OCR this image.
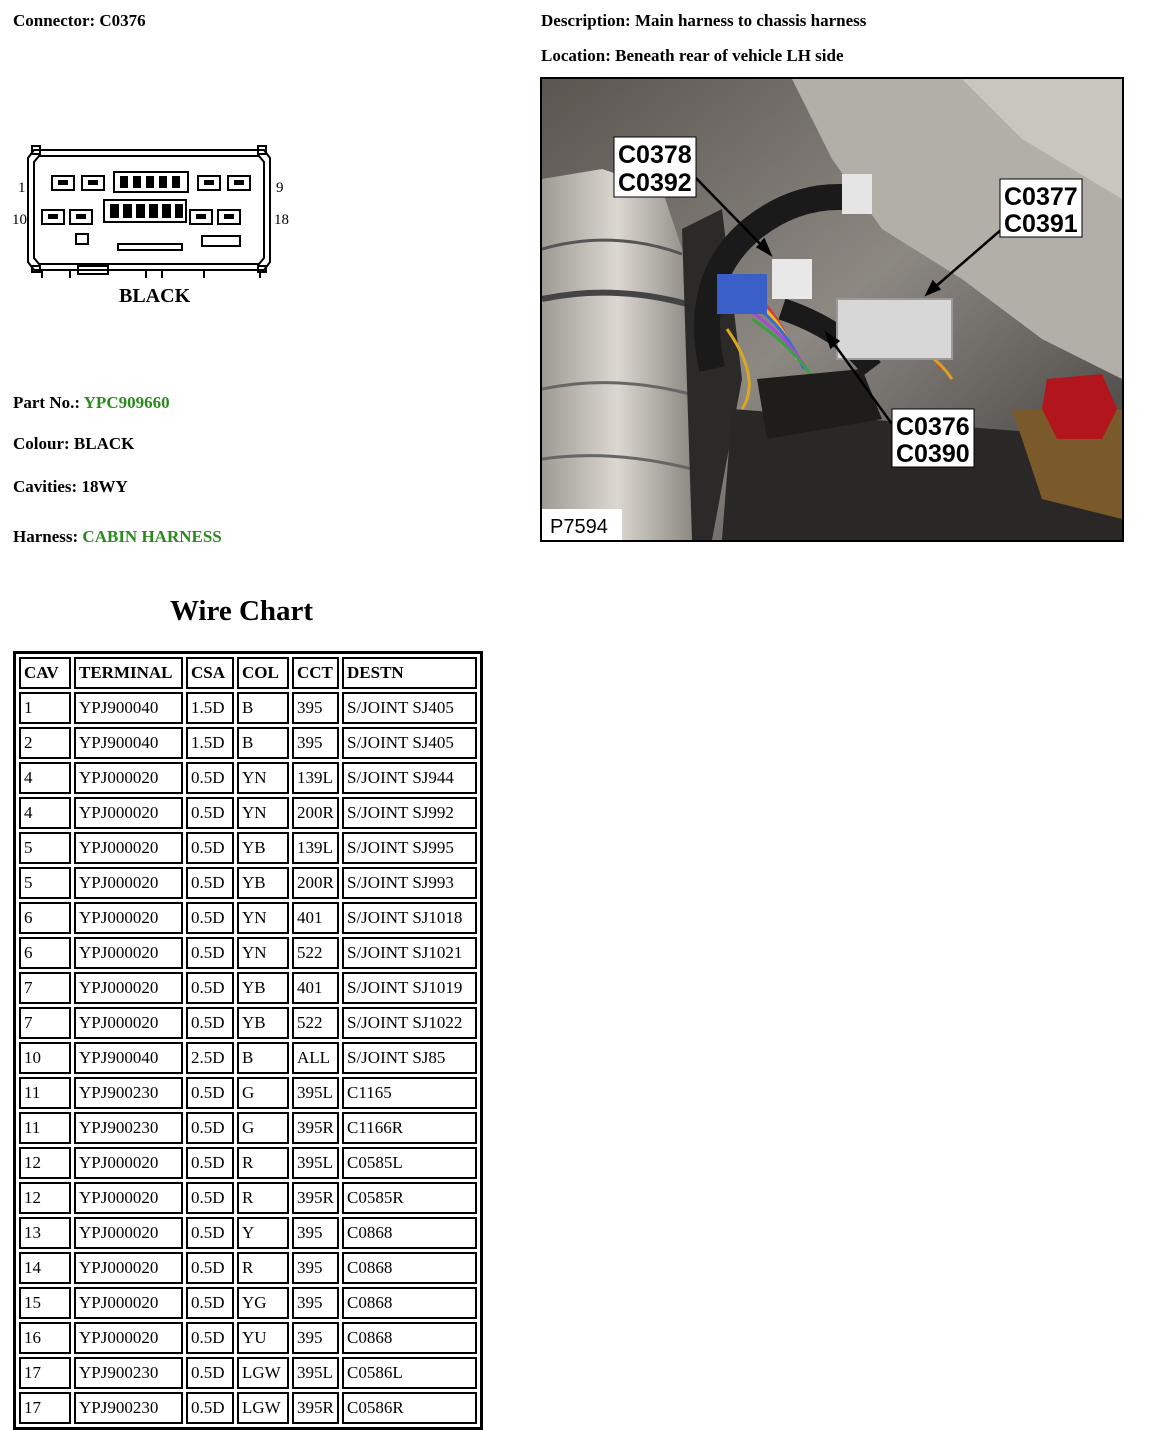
Connector: C0376	Description: Main harness to chassis harness
Location: Beneath rear of vehicle LH side
1	9
10	18
BLACK
C0378
C0392	C0377
C0391
C0376
C0390
P7594
Part No.: YPC909660
Colour: BLACK
Cavities: 18WY
Harness: CABIN HARNESS
Wire Chart
CAV	TERMINAL	CSA	COL	CCT	DESTN
1	YPJ900040	1.5D	B	395	S/JOINT SJ405
2	YPJ900040	1.5D	B	395	S/JOINT SJ405
4	YPJ000020	0.5D	YN	139L	S/JOINT SJ944
4	YPJ000020	0.5D	YN	200R	S/JOINT SJ992
5	YPJ000020	0.5D	YB	139L	S/JOINT SJ995
5	YPJ000020	0.5D	YB	200R	S/JOINT SJ993
6	YPJ000020	0.5D	YN	401	S/JOINT SJ1018
6	YPJ000020	0.5D	YN	522	S/JOINT SJ1021
7	YPJ000020	0.5D	YB	401	S/JOINT SJ1019
7	YPJ000020	0.5D	YB	522	S/JOINT SJ1022
10	YPJ900040	2.5D	B	ALL	S/JOINT SJ85
11	YPJ900230	0.5D	G	395L	C1165
11	YPJ900230	0.5D	G	395R	C1166R
12	YPJ000020	0.5D	R	395L	C0585L
12	YPJ000020	0.5D	R	395R	C0585R
13	YPJ000020	0.5D	Y	395	C0868
14	YPJ000020	0.5D	R	395	C0868
15	YPJ000020	0.5D	YG	395	C0868
16	YPJ000020	0.5D	YU	395	C0868
17	YPJ900230	0.5D	LGW	395L	C0586L
17	YPJ900230	0.5D	LGW	395R	C0586R
